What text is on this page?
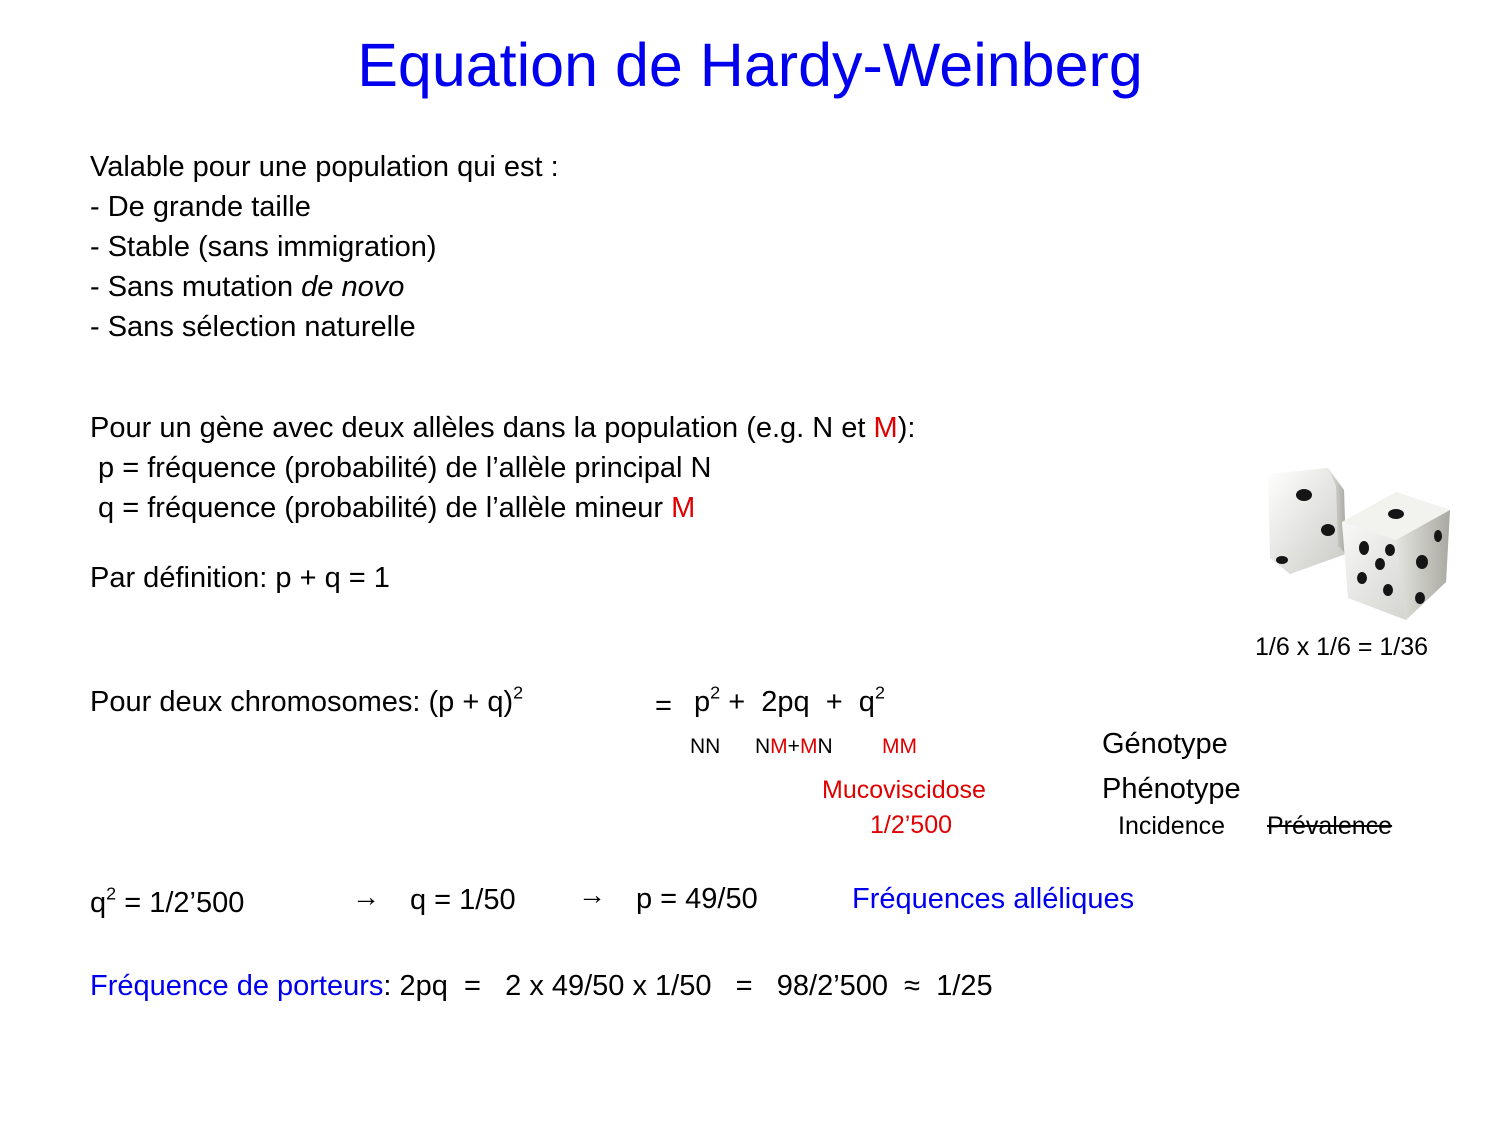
Equation de Hardy-Weinberg
Valable pour une population qui est :
- De grande taille
- Stable (sans immigration)
- Sans mutation de novo
- Sans sélection naturelle
Pour un gène avec deux allèles dans la population (e.g. N et M):
p = fréquence (probabilité) de l’allèle principal N
q = fréquence (probabilité) de l’allèle mineur M
Par définition: p + q = 1
1/6 x 1/6 = 1/36
Pour deux chromosomes: $(p + q)^2$	= $p^2 + 2pq + q^2$
NN NM+MN MM	Génotype
Phénotype
Incidence Prévalence
Mucoviscidose
1/2’500
$q^2$ = 1/2’500	→ q = 1/50 → p = 49/50	Fréquences alléliques
Fréquence de porteurs: 2pq  =   2 x 49/50 x 1/50   =   98/2’500  ≈  1/25
